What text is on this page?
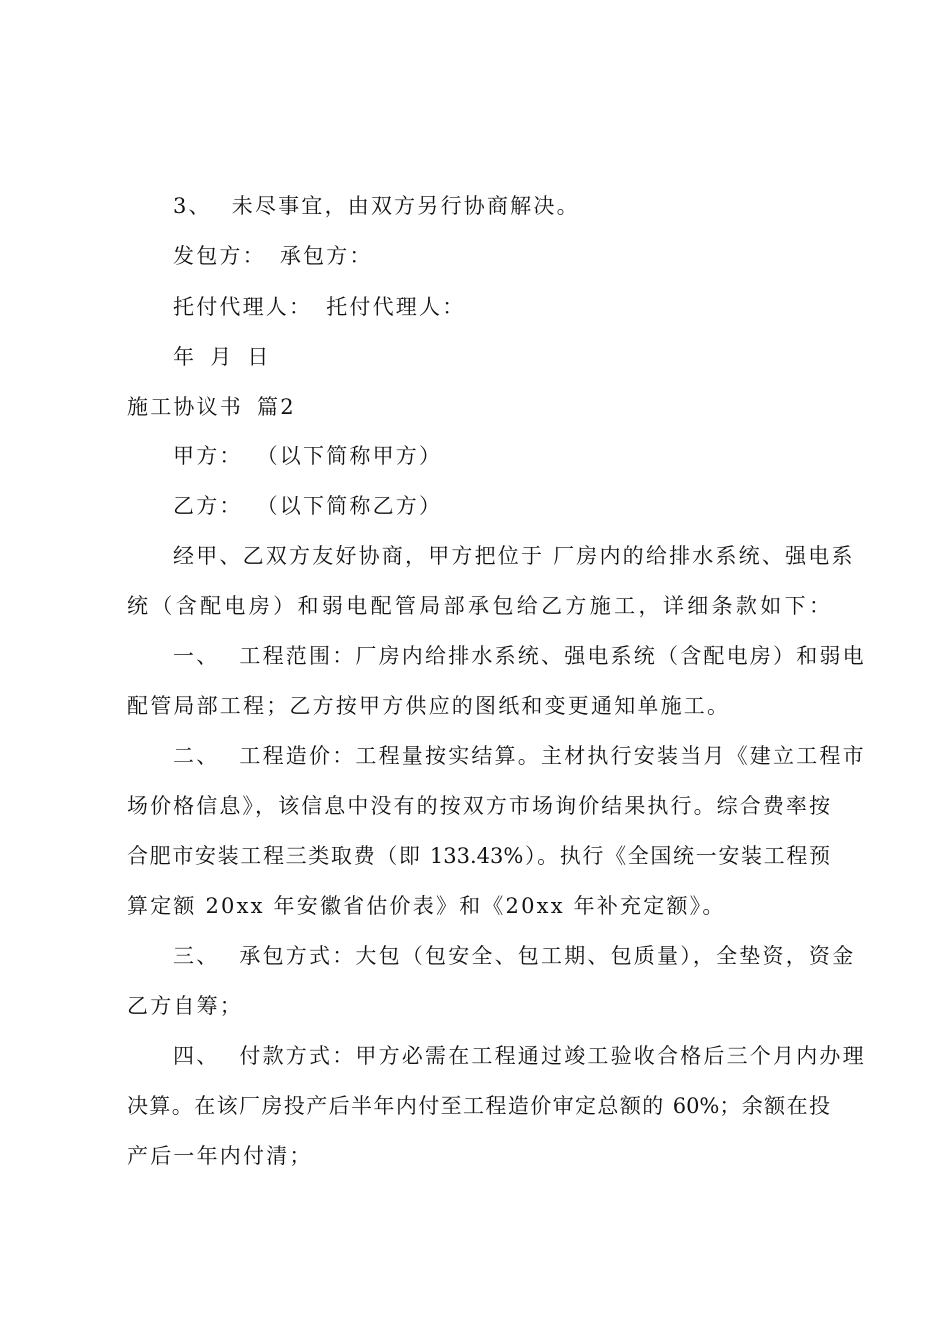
3、 未尽事宜，由双方另行协商解决。
发包方： 承包方：
托付代理人： 托付代理人：
年 月 日
施工协议书 篇2
甲方： （以下简称甲方）
乙方： （以下简称乙方）
经甲、乙双方友好协商，甲方把位于 厂房内的给排水系统、强电系
统（含配电房）和弱电配管局部承包给乙方施工，详细条款如下：
一、 工程范围：厂房内给排水系统、强电系统（含配电房）和弱电
配管局部工程；乙方按甲方供应的图纸和变更通知单施工。
二、 工程造价：工程量按实结算。主材执行安装当月《建立工程市
场价格信息》，该信息中没有的按双方市场询价结果执行。综合费率按
合肥市安装工程三类取费（即 133.43%）。执行《全国统一安装工程预
算定额 20xx 年安徽省估价表》和《20xx 年补充定额》。
三、 承包方式：大包（包安全、包工期、包质量），全垫资，资金
乙方自筹；
四、 付款方式：甲方必需在工程通过竣工验收合格后三个月内办理
决算。在该厂房投产后半年内付至工程造价审定总额的 60%；余额在投
产后一年内付清；
